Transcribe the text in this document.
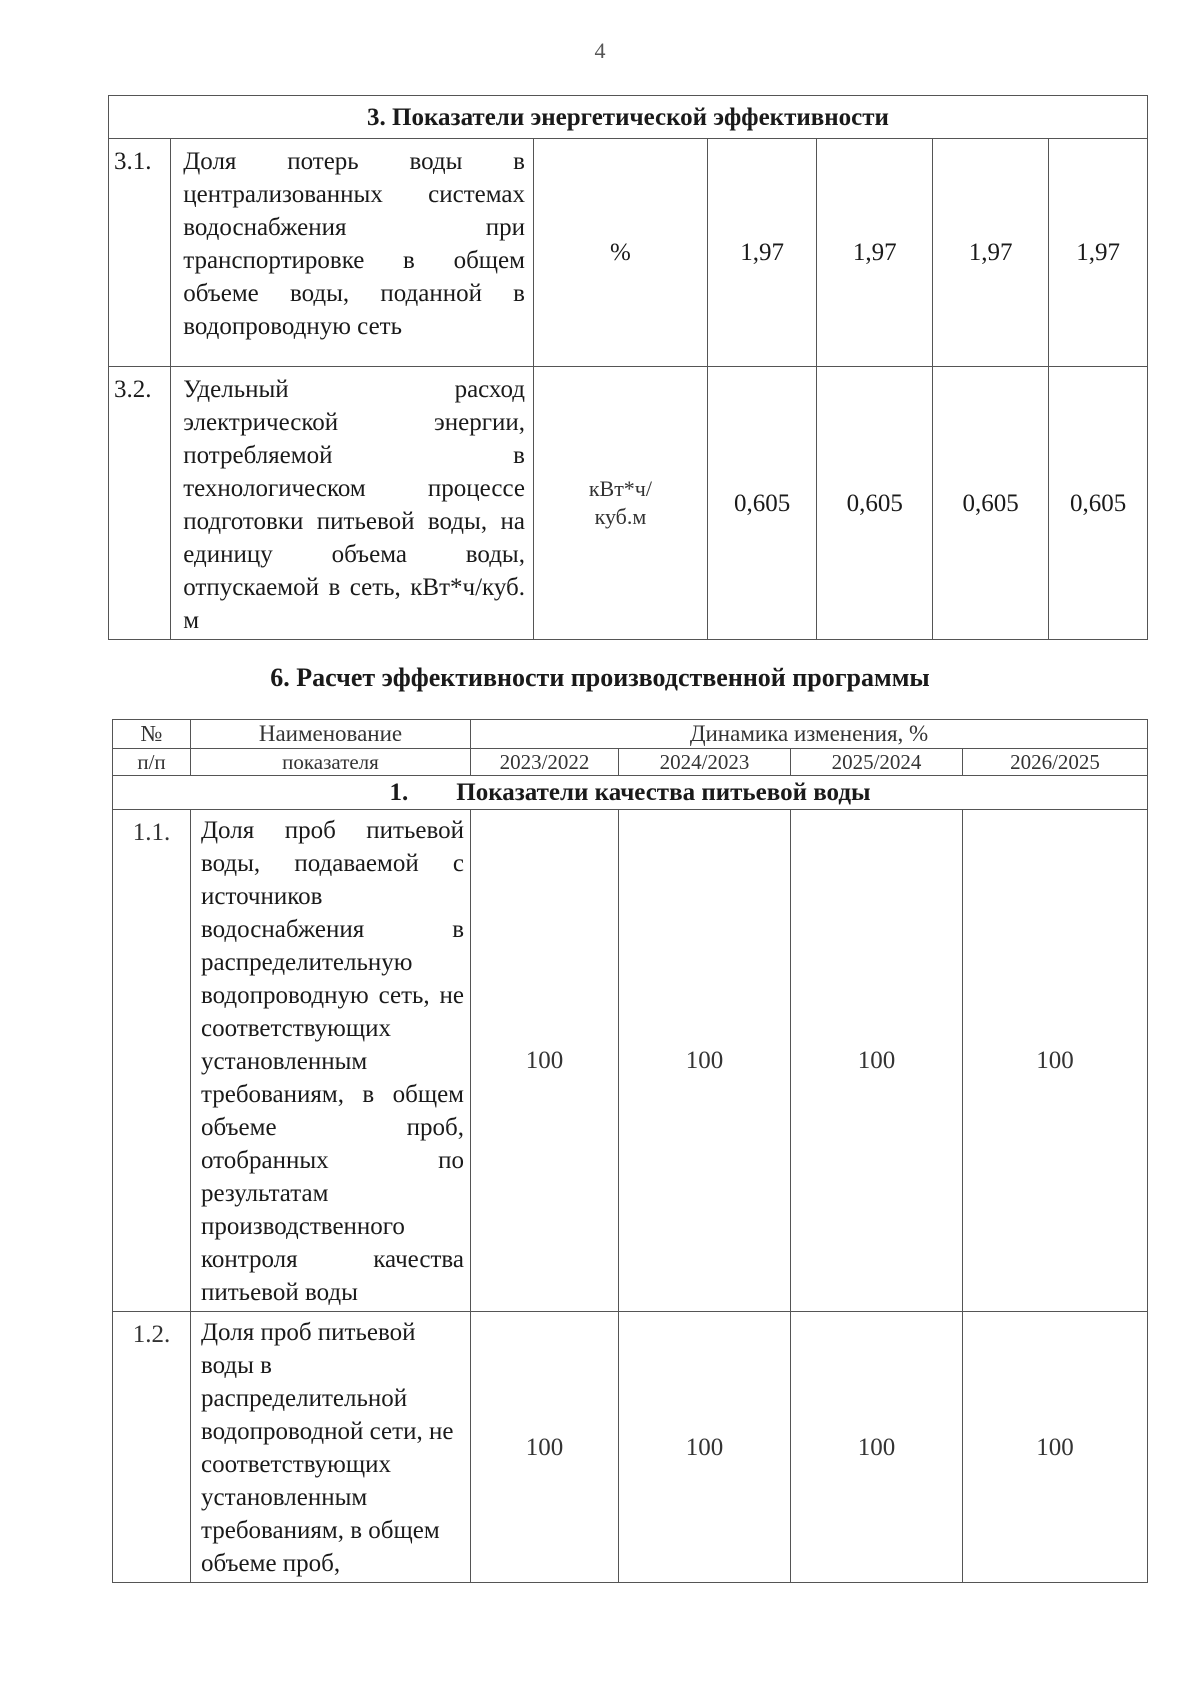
4
3. Показатели энергетической эффективности						
3.1.	Доля потерь воды в централизованных системах водоснабжения при транспортировке в общем объеме воды, поданной в водопроводную сеть	%	1,97	1,97	1,97	1,97
3.2.	Удельный расход электрической энергии, потребляемой в технологическом процессе подготовки питьевой воды, на единицу объема воды, отпускаемой в сеть, кВт*ч/куб. м	кВт*ч/
куб.м	0,605	0,605	0,605	0,605
6. Расчет эффективности производственной программы
№	Наименование	Динамика изменения, %			
п/п	показателя	2023/2022	2024/2023	2025/2024	2026/2025
1. Показатели качества питьевой воды					
1.1.	Доля проб питьевой воды, подаваемой с источников водоснабжения в распределительную водопроводную сеть, не соответствующих установленным требованиям, в общем объеме проб, отобранных по результатам производственного контроля качества питьевой воды	100	100	100	100
1.2.	Доля проб питьевой воды в распределительной водопроводной сети, не соответствующих установленным требованиям, в общем объеме проб,	100	100	100	100
